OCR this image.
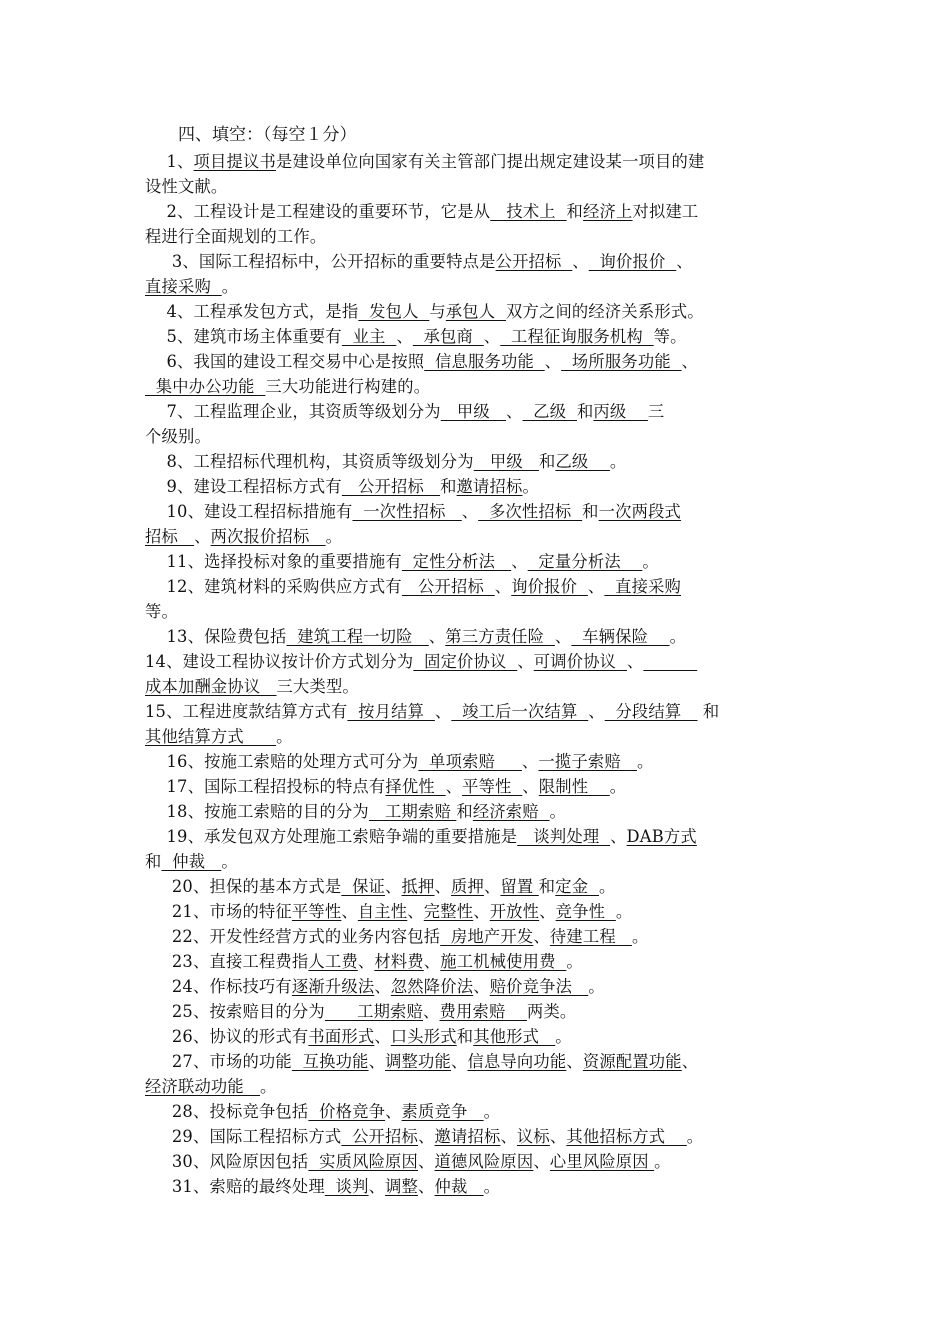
四、填空：（每空１分）
1、项目提议书是建设单位向国家有关主管部门提出规定建设某一项目的建
设性文献。
2、工程设计是工程建设的重要环节，它是从   技术上  和经济上对拟建工
程进行全面规划的工作。
3、国际工程招标中，公开招标的重要特点是公开招标  、  询价报价  、
直接采购  。
4、工程承发包方式，是指  发包人  与承包人  双方之间的经济关系形式。
5、建筑市场主体重要有  业主  、  承包商  、  工程征询服务机构  等。
6、我国的建设工程交易中心是按照  信息服务功能  、  场所服务功能  、
集中办公功能  三大功能进行构建的。
7、工程监理企业，其资质等级划分为   甲级   、  乙级  和丙级    三
个级别。
8、工程招标代理机构，其资质等级划分为   甲级   和乙级    。
9、建设工程招标方式有   公开招标   和邀请招标。
10、建设工程招标措施有  一次性招标   、  多次性招标  和一次两段式
招标   、两次报价招标   。
11、选择投标对象的重要措施有  定性分析法   、  定量分析法    。
12、建筑材料的采购供应方式有   公开招标  、询价报价  、  直接采购
等。
13、保险费包括  建筑工程一切险   、第三方责任险  、  车辆保险    。
14、建设工程协议按计价方式划分为  固定价协议  、可调价协议  、
成本加酬金协议   三大类型。
15、工程进度款结算方式有  按月结算  、  竣工后一次结算  、  分段结算    和
其他结算方式      。
16、按施工索赔的处理方式可分为  单项索赔     、一揽子索赔   。
17、国际工程招投标的特点有择优性  、平等性  、限制性    。
18、按施工索赔的目的分为   工期索赔 和经济索赔  。
19、承发包双方处理施工索赔争端的重要措施是   谈判处理  、DAB方式
和  仲裁   。
20、担保的基本方式是  保证、抵押、质押、留置 和定金  。
21、市场的特征平等性、自主性、完整性、开放性、竞争性  。
22、开发性经营方式的业务内容包括  房地产开发、待建工程   。
23、直接工程费指人工费、材料费、施工机械使用费  。
24、作标技巧有逐渐升级法、忽然降价法、赔价竞争法   。
25、按索赔目的分为      工期索赔、费用索赔    两类。
26、协议的形式有书面形式、口头形式和其他形式   。
27、市场的功能  互换功能、调整功能、信息导向功能、资源配置功能、
经济联动功能   。
28、投标竞争包括  价格竞争、素质竞争   。
29、国际工程招标方式  公开招标、邀请招标、议标、其他招标方式    。
30、风险原因包括  实质风险原因、道德风险原因、心里风险原因 。
31、索赔的最终处理  谈判、调整、仲裁   。
